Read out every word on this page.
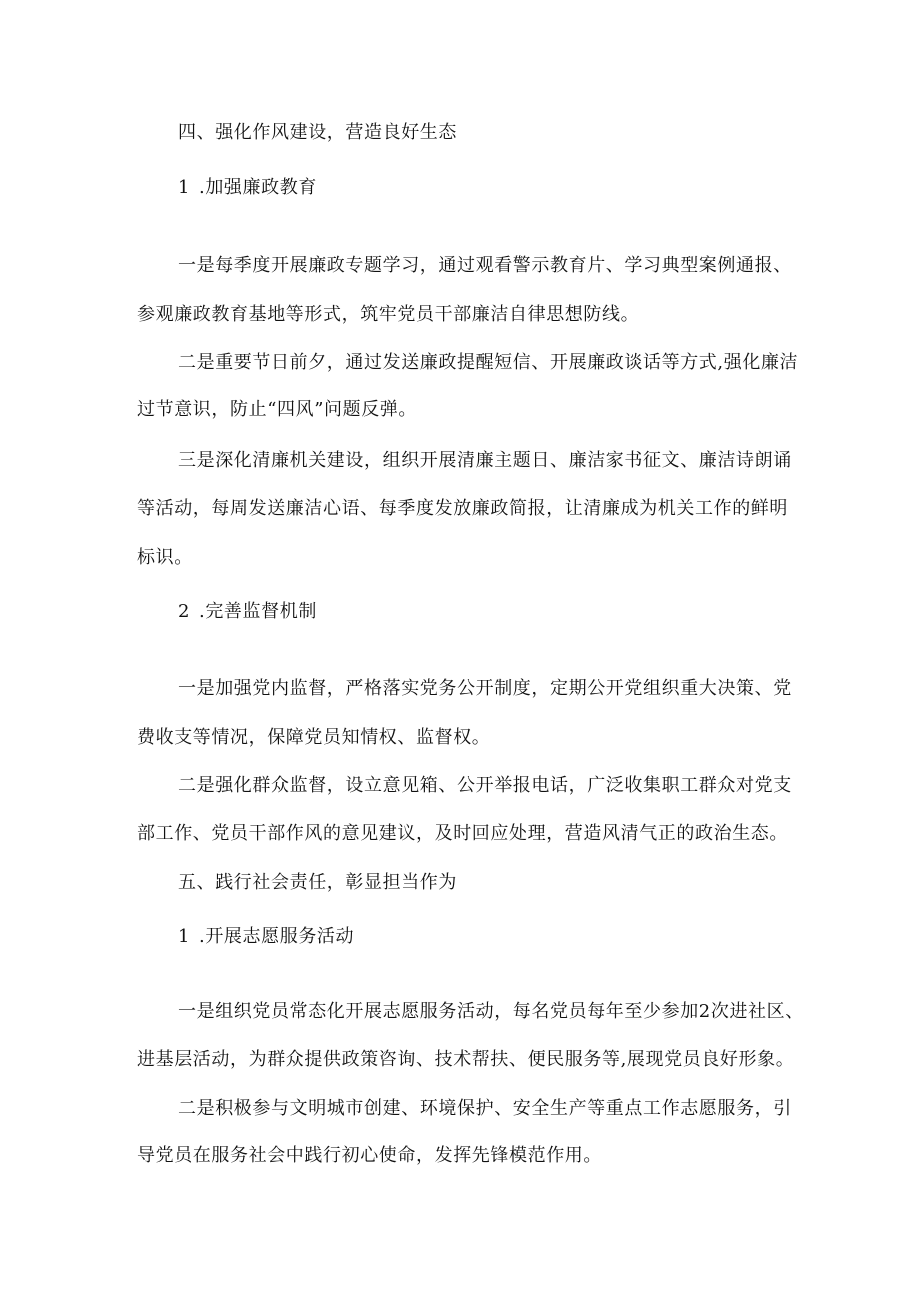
四、强化作风建设，营造良好生态
1 .加强廉政教育
一是每季度开展廉政专题学习，通过观看警示教育片、学习典型案例通报、
参观廉政教育基地等形式，筑牢党员干部廉洁自律思想防线。
二是重要节日前夕，通过发送廉政提醒短信、开展廉政谈话等方式,强化廉洁
过节意识，防止“四风”问题反弹。
三是深化清廉机关建设，组织开展清廉主题日、廉洁家书征文、廉洁诗朗诵
等活动，每周发送廉洁心语、每季度发放廉政简报，让清廉成为机关工作的鲜明
标识。
2 .完善监督机制
一是加强党内监督，严格落实党务公开制度，定期公开党组织重大决策、党
费收支等情况，保障党员知情权、监督权。
二是强化群众监督，设立意见箱、公开举报电话，广泛收集职工群众对党支
部工作、党员干部作风的意见建议，及时回应处理，营造风清气正的政治生态。
五、践行社会责任，彰显担当作为
1 .开展志愿服务活动
一是组织党员常态化开展志愿服务活动，每名党员每年至少参加2次进社区、
进基层活动，为群众提供政策咨询、技术帮扶、便民服务等,展现党员良好形象。
二是积极参与文明城市创建、环境保护、安全生产等重点工作志愿服务，引
导党员在服务社会中践行初心使命，发挥先锋模范作用。
